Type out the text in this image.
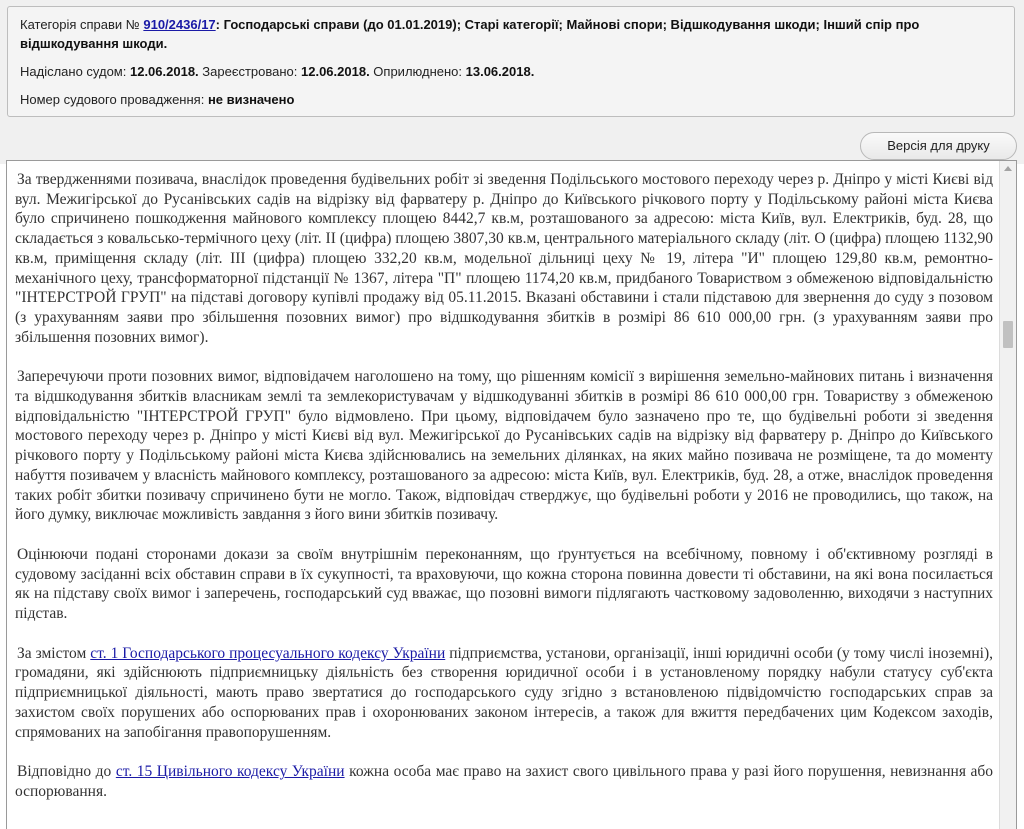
Категорія справи № 910/2436/17: Господарські справи (до 01.01.2019); Старі категорії; Майнові спори; Відшкодування шкоди; Інший спір про відшкодування шкоди.
Надіслано судом: 12.06.2018. Зареєстровано: 12.06.2018. Оприлюднено: 13.06.2018.
Номер судового провадження: не визначено
Версія для друку

За твердженнями позивача, внаслідок проведення будівельних робіт зі зведення Подільського мостового переходу через р. Дніпро у місті Києві від вул. Межигірської до Русанівських садів на відрізку від фарватеру р. Дніпро до Київського річкового порту у Подільському районі міста Києва було спричинено пошкодження майнового комплексу площею 8442,7 кв.м, розташованого за адресою: міста Київ, вул. Електриків, буд. 28, що складається з ковальсько-термічного цеху (літ. II (цифра) площею 3807,30 кв.м, центрального матеріального складу (літ. О (цифра) площею 1132,90 кв.м, приміщення складу (літ. III (цифра) площею 332,20 кв.м, модельної дільниці цеху № 19, літера "И" площею 129,80 кв.м, ремонтно-механічного цеху, трансформаторної підстанції № 1367, літера "П" площею 1174,20 кв.м, придбаного Товариством з обмеженою відповідальністю "ІНТЕРСТРОЙ ГРУП" на підставі договору купівлі продажу від 05.11.2015. Вказані обставини і стали підставою для звернення до суду з позовом (з урахуванням заяви про збільшення позовних вимог) про відшкодування збитків в розмірі 86 610 000,00 грн. (з урахуванням заяви про збільшення позовних вимог).

Заперечуючи проти позовних вимог, відповідачем наголошено на тому, що рішенням комісії з вирішення земельно-майнових питань і визначення та відшкодування збитків власникам землі та землекористувачам у відшкодуванні збитків в розмірі 86 610 000,00 грн. Товариству з обмеженою відповідальністю "ІНТЕРСТРОЙ ГРУП" було відмовлено. При цьому, відповідачем було зазначено про те, що будівельні роботи зі зведення мостового переходу через р. Дніпро у місті Києві від вул. Межигірської до Русанівських садів на відрізку від фарватеру р. Дніпро до Київського річкового порту у Подільському районі міста Києва здійснювались на земельних ділянках, на яких майно позивача не розміщене, та до моменту набуття позивачем у власність майнового комплексу, розташованого за адресою: міста Київ, вул. Електриків, буд. 28, а отже, внаслідок проведення таких робіт збитки позивачу спричинено бути не могло. Також, відповідач стверджує, що будівельні роботи у 2016 не проводились, що також, на його думку, виключає можливість завдання з його вини збитків позивачу.

Оцінюючи подані сторонами докази за своїм внутрішнім переконанням, що ґрунтується на всебічному, повному і об'єктивному розгляді в судовому засіданні всіх обставин справи в їх сукупності, та враховуючи, що кожна сторона повинна довести ті обставини, на які вона посилається як на підставу своїх вимог і заперечень, господарський суд вважає, що позовні вимоги підлягають частковому задоволенню, виходячи з наступних підстав.

За змістом ст. 1 Господарського процесуального кодексу України підприємства, установи, організації, інші юридичні особи (у тому числі іноземні), громадяни, які здійснюють підприємницьку діяльність без створення юридичної особи і в установленому порядку набули статусу суб'єкта підприємницької діяльності, мають право звертатися до господарського суду згідно з встановленою підвідомчістю господарських справ за захистом своїх порушених або оспорюваних прав і охоронюваних законом інтересів, а також для вжиття передбачених цим Кодексом заходів, спрямованих на запобігання правопорушенням.

Відповідно до ст. 15 Цивільного кодексу України кожна особа має право на захист свого цивільного права у разі його порушення, невизнання або оспорювання.
